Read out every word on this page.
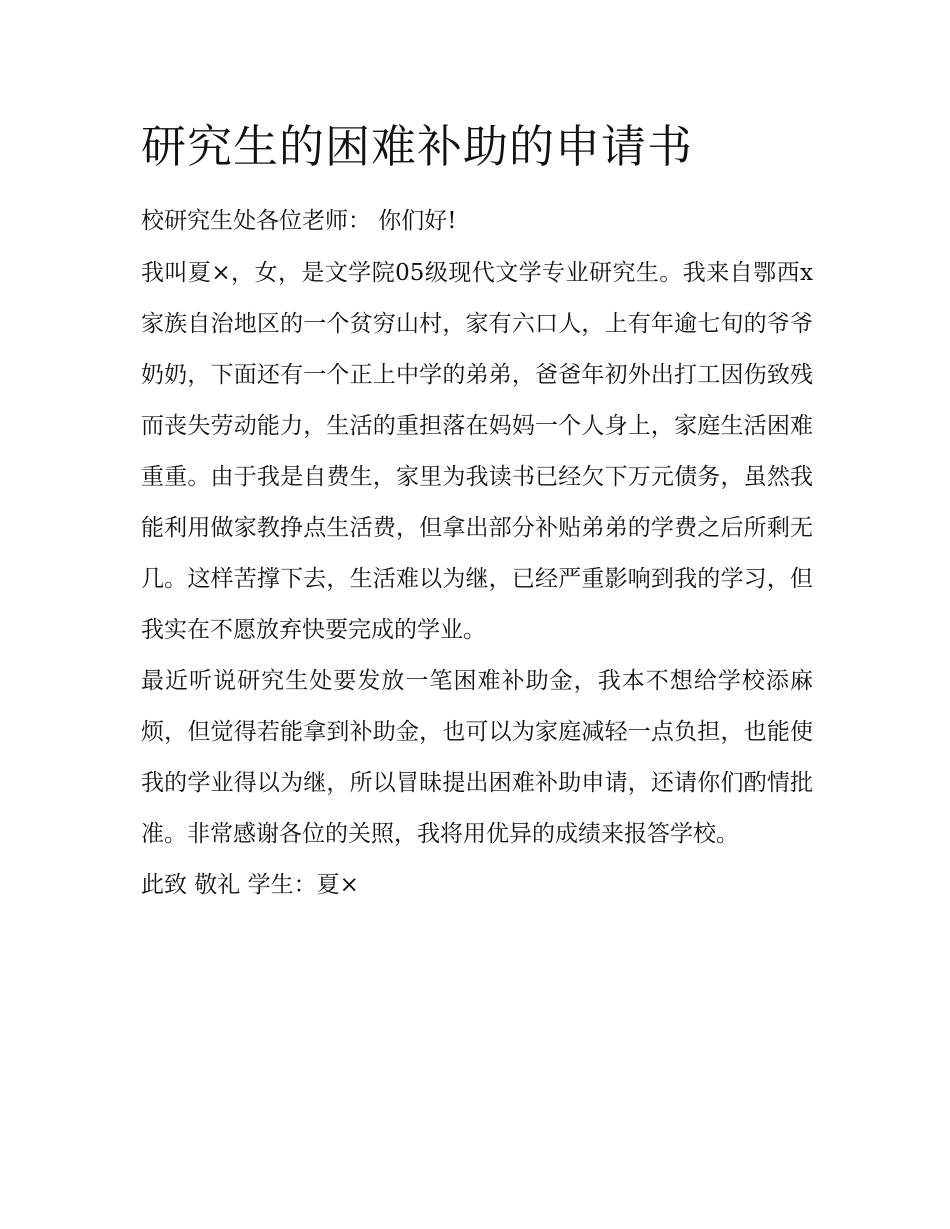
研究生的困难补助的申请书

校研究生处各位老师： 你们好!

我叫夏×，女，是文学院05级现代文学专业研究生。我来自鄂西x家族自治地区的一个贫穷山村，家有六口人，上有年逾七旬的爷爷奶奶，下面还有一个正上中学的弟弟，爸爸年初外出打工因伤致残而丧失劳动能力，生活的重担落在妈妈一个人身上，家庭生活困难重重。由于我是自费生，家里为我读书已经欠下万元债务，虽然我能利用做家教挣点生活费，但拿出部分补贴弟弟的学费之后所剩无几。这样苦撑下去，生活难以为继，已经严重影响到我的学习，但我实在不愿放弃快要完成的学业。

最近听说研究生处要发放一笔困难补助金，我本不想给学校添麻烦，但觉得若能拿到补助金，也可以为家庭减轻一点负担，也能使我的学业得以为继，所以冒昧提出困难补助申请，还请你们酌情批准。非常感谢各位的关照，我将用优异的成绩来报答学校。

此致 敬礼 学生：夏×
